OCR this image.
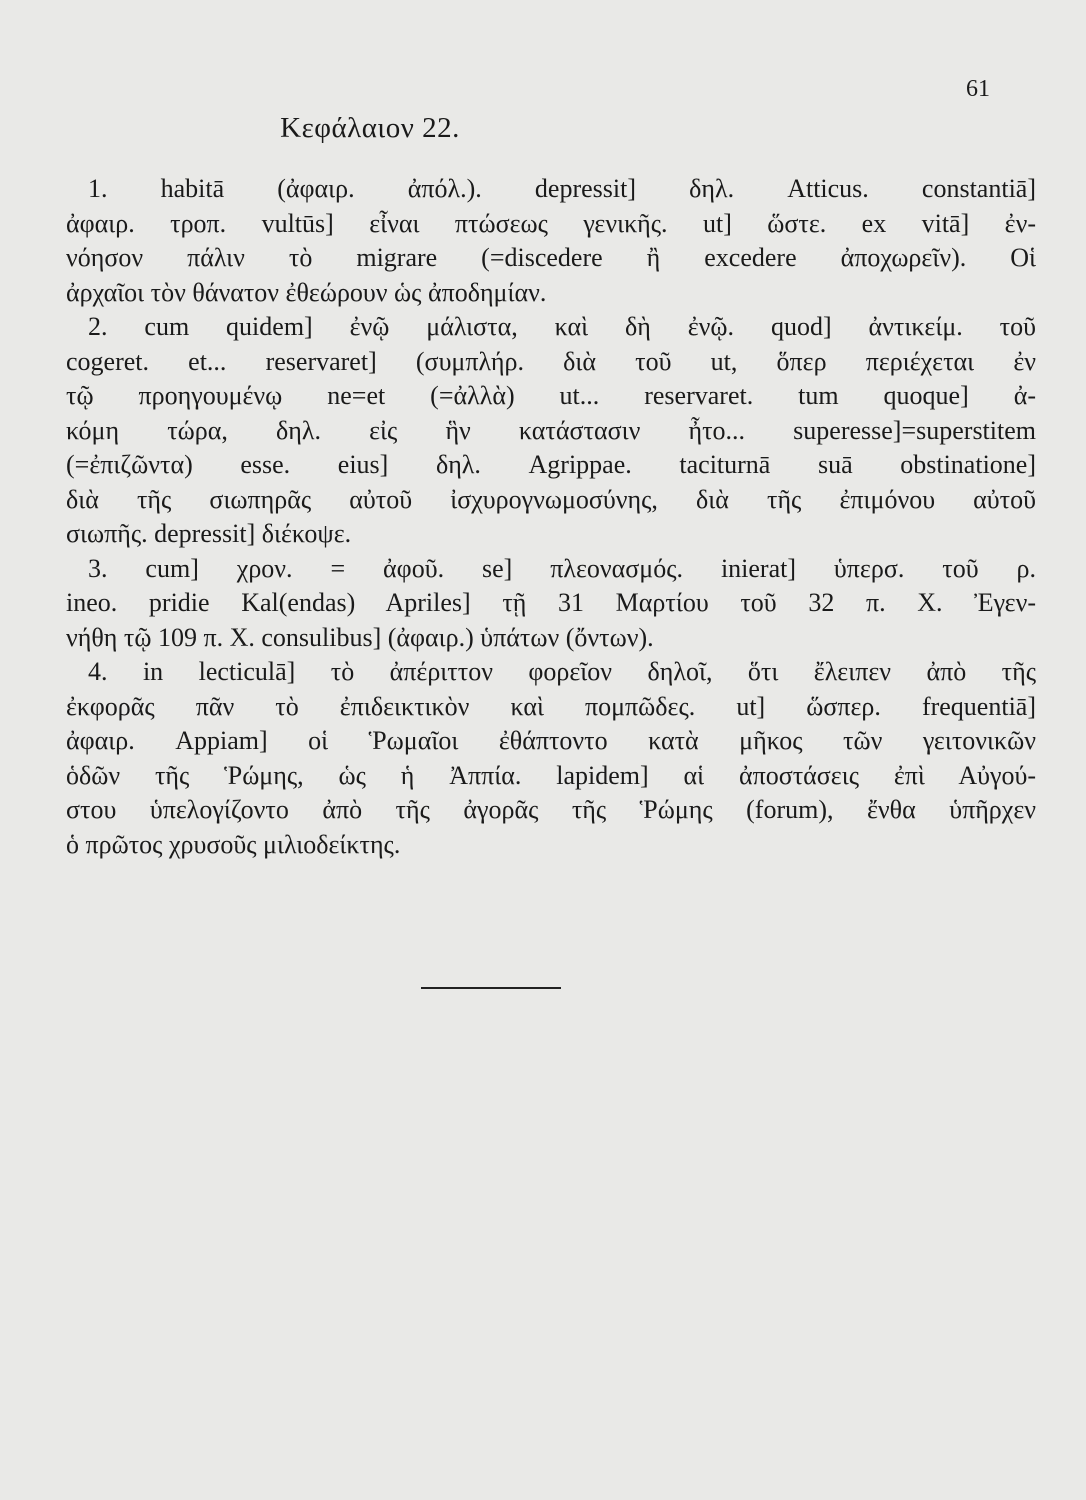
61
Κεφάλαιον 22.
1. habitā (ἀφαιρ. ἀπόλ.). depressit] δηλ. Atticus. constantiā]
ἀφαιρ. τροπ. vultūs] εἶναι πτώσεως γενικῆς. ut] ὥστε. ex vitā] ἐν-
νόησον πάλιν τὸ migrare (=discedere ἢ excedere ἀποχωρεῖν). Οἱ
ἀρχαῖοι τὸν θάνατον ἐθεώρουν ὡς ἀποδημίαν.
2. cum quidem] ἐνῷ μάλιστα, καὶ δὴ ἐνῷ. quod] ἀντικείμ. τοῦ
cogeret. et... reservaret] (συμπλήρ. διὰ τοῦ ut, ὅπερ περιέχεται ἐν
τῷ προηγουμένῳ ne=et (=ἀλλὰ) ut... reservaret. tum quoque] ἀ-
κόμη τώρα, δηλ. εἰς ἣν κατάστασιν ἦτο... superesse]=superstitem
(=ἐπιζῶντα) esse. eius] δηλ. Agrippae. taciturnā suā obstinatione]
διὰ τῆς σιωπηρᾶς αὐτοῦ ἰσχυρογνωμοσύνης, διὰ τῆς ἐπιμόνου αὐτοῦ
σιωπῆς. depressit] διέκοψε.
3. cum] χρον. = ἀφοῦ. se] πλεονασμός. inierat] ὑπερσ. τοῦ ρ.
ineo. pridie Kal(endas) Apriles] τῇ 31 Μαρτίου τοῦ 32 π. Χ. Ἐγεν-
νήθη τῷ 109 π. Χ. consulibus] (ἀφαιρ.) ὑπάτων (ὄντων).
4. in lecticulā] τὸ ἀπέριττον φορεῖον δηλοῖ, ὅτι ἔλειπεν ἀπὸ τῆς
ἐκφορᾶς πᾶν τὸ ἐπιδεικτικὸν καὶ πομπῶδες. ut] ὥσπερ. frequentiā]
ἀφαιρ. Appiam] οἱ Ῥωμαῖοι ἐθάπτοντο κατὰ μῆκος τῶν γειτονικῶν
ὁδῶν τῆς Ῥώμης, ὡς ἡ Ἀππία. lapidem] αἱ ἀποστάσεις ἐπὶ Αὐγού-
στου ὑπελογίζοντο ἀπὸ τῆς ἀγορᾶς τῆς Ῥώμης (forum), ἔνθα ὑπῆρχεν
ὁ πρῶτος χρυσοῦς μιλιοδείκτης.
